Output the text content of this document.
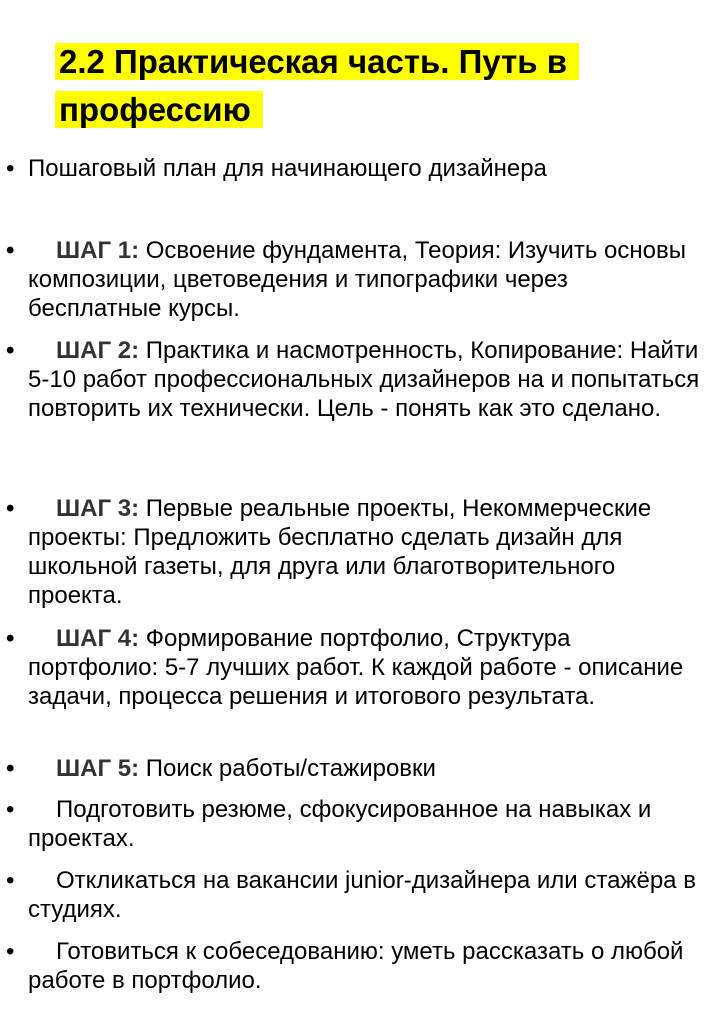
2.2 Практическая часть. Путь в профессию
• Пошаговый план для начинающего дизайнера
•	ШАГ 1: Освоение фундамента, Теория: Изучить основы композиции, цветоведения и типографики через бесплатные курсы.
•	ШАГ 2: Практика и насмотренность, Копирование: Найти 5-10 работ профессиональных дизайнеров на и попытаться повторить их технически. Цель - понять как это сделано.
•	ШАГ 3: Первые реальные проекты, Некоммерческие проекты: Предложить бесплатно сделать дизайн для школьной газеты, для друга или благотворительного проекта.
•	ШАГ 4: Формирование портфолио, Структура портфолио: 5-7 лучших работ. К каждой работе - описание задачи, процесса решения и итогового результата.
•	ШАГ 5: Поиск работы/стажировки
•	Подготовить резюме, сфокусированное на навыках и проектах.
•	Откликаться на вакансии junior-дизайнера или стажёра в студиях.
•	Готовиться к собеседованию: уметь рассказать о любой работе в портфолио.
